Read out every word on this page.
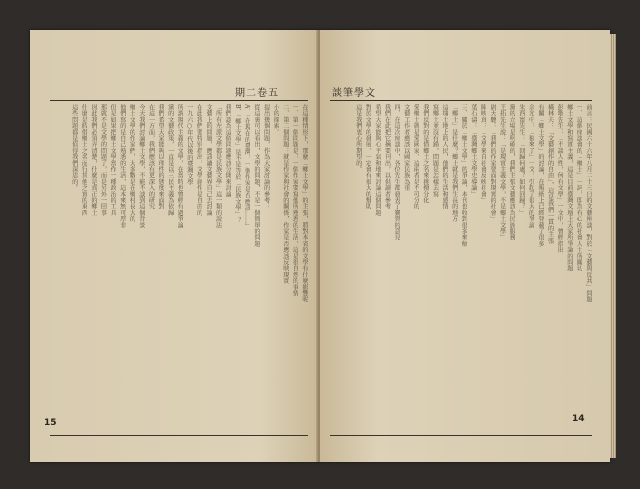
期二卷五
在這種情形下，那麼「鄉土文學」的主張，將對本省的文學有什麼影響呢
一、第一個問題是：一個作家要寫他所熟悉的生活，這是很自然的事情
二、第二個問題：就是作家與社會的關係，作家是否應該反映現實
小的探索。
提出幾個問題，作為大家討論的參考：
從這裏可以看出，文學的問題，不是一個簡單的問題
A、「在現在的臺灣，一個作家是否應該……」
B、「鄉土文學」是不是等於「民族文學」？
我們認為這個問題應該分開來討論
「所有左派文學都是民族文學」這一類的說法
文藝上的問題，應該讓文藝界自己去討論
在此我們要特別指出，文學創作是自由的
一九六○年代以後的臺灣文學
所謂現代主義的文學，在當時也曾經有過爭論
黨的文藝政策，一直是以三民主義為依歸
我們希望大家能夠以理性的態度來面對
在這一方面，我們應該有更深入的研究
今天我們討論鄉土文學，不能不談到這個背景
鄉土文學的作家們，大多數是在鄉村長大的
他們寫的是自己熟悉的生活，這本來無可厚非
但是如果把鄉土文學當作一種政治的工具
那就不是文學的問題了，而是另外一回事
因此我們必須弄清楚，什麼是真正的鄉土
什麼是假借鄉土之名而行其他之實的東西
這些問題都是值得我們深思的。
15
談筆學文
前言：民國六十六年八月二十三日的文藝座談，對於「文藝與反共」問題
一、這個座談會的「鄉土」一詞，即為有心的社會人士所關切
鄉土文學和寫實主義，這是目前臺灣文壇上大家所爭論的問題
彭歌先生：「不談人性，何有文學」一文中，曾經指出
橫林夫：「文藝創作的自由」，這是我們一貫的主張
有關「鄉土文學」的討論，在報紙上已經登載了很多
余光中：「狼來了」一文，引起了很大的爭論
朱西甯先生：「回歸何處？如何回歸？」
黨的立場是明確的，我們主張文藝應該為民族服務
王拓先生說：「是現實主義文學，不是鄉土文學」
尉天驄：「我們的作家要面對現實的社會」
陳映真：「文學來自社會反映社會」
葉石濤：「臺灣鄉土文學史導論」
三、關於「鄉土文學」的爭論，本刊也收到很多來稿
「鄉土」是什麼？鄉土就是我們生長的地方
這塊土地上的人民，他們的生活和感情
寫鄉土並沒有錯，問題是怎樣去寫
我們反對的是借鄉土之名來挑撥分化
愛鄉土就是愛國家，這兩者是不可分的
文藝工作者應該以國家民族為重
四、在這次座談中，各位先生都發表了寶貴的意見
我們在此把它摘要刊出，以供讀者參考
希望大家能夠心平氣和地來討論這個問題
對於文學的發展，一定會有很大的幫助
這是我們衷心所期望的。
14
